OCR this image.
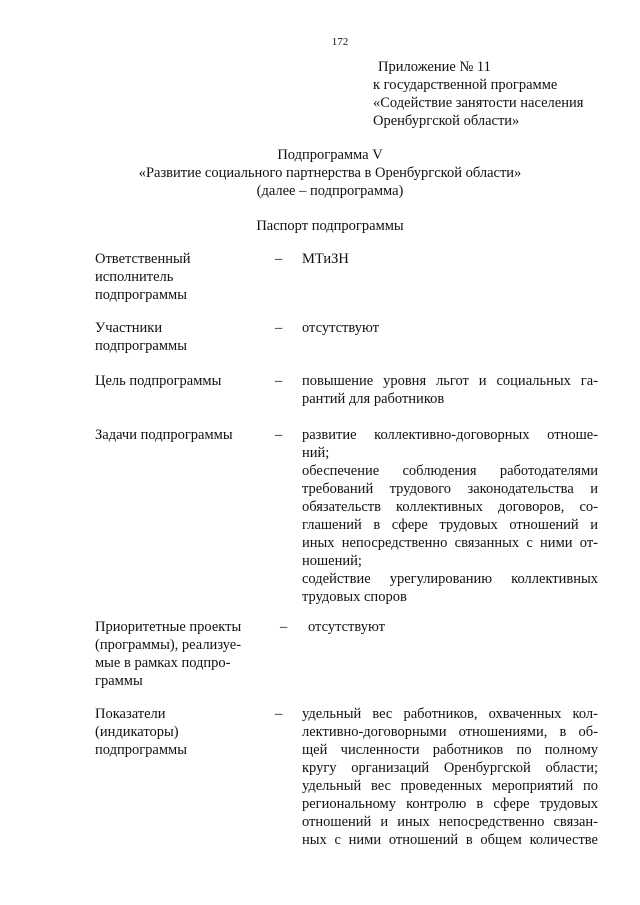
172
Приложение № 11
к государственной программе
«Содействие занятости населения
Оренбургской области»
Подпрограмма V
«Развитие социального партнерства в Оренбургской области»
(далее – подпрограмма)
Паспорт подпрограммы
Ответственный
исполнитель
подпрограммы
– МТиЗН
Участники
подпрограммы
– отсутствуют
Цель подпрограммы	– повышение уровня льгот и социальных га-
рантий для работников
Задачи подпрограммы	– развитие коллективно-договорных отноше-
ний;
обеспечение соблюдения работодателями
требований трудового законодательства и
обязательств коллективных договоров, со-
глашений в сфере трудовых отношений и
иных непосредственно связанных с ними от-
ношений;
содействие урегулированию коллективных
трудовых споров
Приоритетные проекты
(программы), реализуе-
мые в рамках подпро-
граммы
– отсутствуют
Показатели
(индикаторы)
подпрограммы
– удельный вес работников, охваченных кол-
лективно-договорными отношениями, в об-
щей численности работников по полному
кругу организаций Оренбургской области;
удельный вес проведенных мероприятий по
региональному контролю в сфере трудовых
отношений и иных непосредственно связан-
ных с ними отношений в общем количестве
